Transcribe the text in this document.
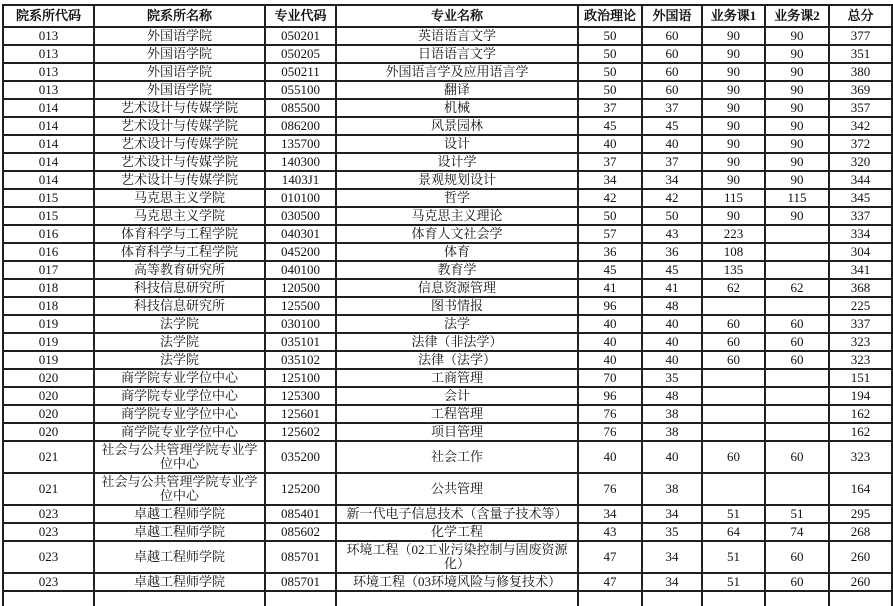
院系所代码	院系所名称	专业代码	专业名称	政治理论	外国语	业务课1	业务课2	总分
013	外国语学院	050201	英语语言文学	50	60	90	90	377
013	外国语学院	050205	日语语言文学	50	60	90	90	351
013	外国语学院	050211	外国语言学及应用语言学	50	60	90	90	380
013	外国语学院	055100	翻译	50	60	90	90	369
014	艺术设计与传媒学院	085500	机械	37	37	90	90	357
014	艺术设计与传媒学院	086200	风景园林	45	45	90	90	342
014	艺术设计与传媒学院	135700	设计	40	40	90	90	372
014	艺术设计与传媒学院	140300	设计学	37	37	90	90	320
014	艺术设计与传媒学院	1403J1	景观规划设计	34	34	90	90	344
015	马克思主义学院	010100	哲学	42	42	115	115	345
015	马克思主义学院	030500	马克思主义理论	50	50	90	90	337
016	体育科学与工程学院	040301	体育人文社会学	57	43	223		334
016	体育科学与工程学院	045200	体育	36	36	108		304
017	高等教育研究所	040100	教育学	45	45	135		341
018	科技信息研究所	120500	信息资源管理	41	41	62	62	368
018	科技信息研究所	125500	图书情报	96	48			225
019	法学院	030100	法学	40	40	60	60	337
019	法学院	035101	法律（非法学）	40	40	60	60	323
019	法学院	035102	法律（法学）	40	40	60	60	323
020	商学院专业学位中心	125100	工商管理	70	35			151
020	商学院专业学位中心	125300	会计	96	48			194
020	商学院专业学位中心	125601	工程管理	76	38			162
020	商学院专业学位中心	125602	项目管理	76	38			162
021	社会与公共管理学院专业学位中心	035200	社会工作	40	40	60	60	323
021	社会与公共管理学院专业学位中心	125200	公共管理	76	38			164
023	卓越工程师学院	085401	新一代电子信息技术（含量子技术等）	34	34	51	51	295
023	卓越工程师学院	085602	化学工程	43	35	64	74	268
023	卓越工程师学院	085701	环境工程（02工业污染控制与固废资源化）	47	34	51	60	260
023	卓越工程师学院	085701	环境工程（03环境风险与修复技术）	47	34	51	60	260
